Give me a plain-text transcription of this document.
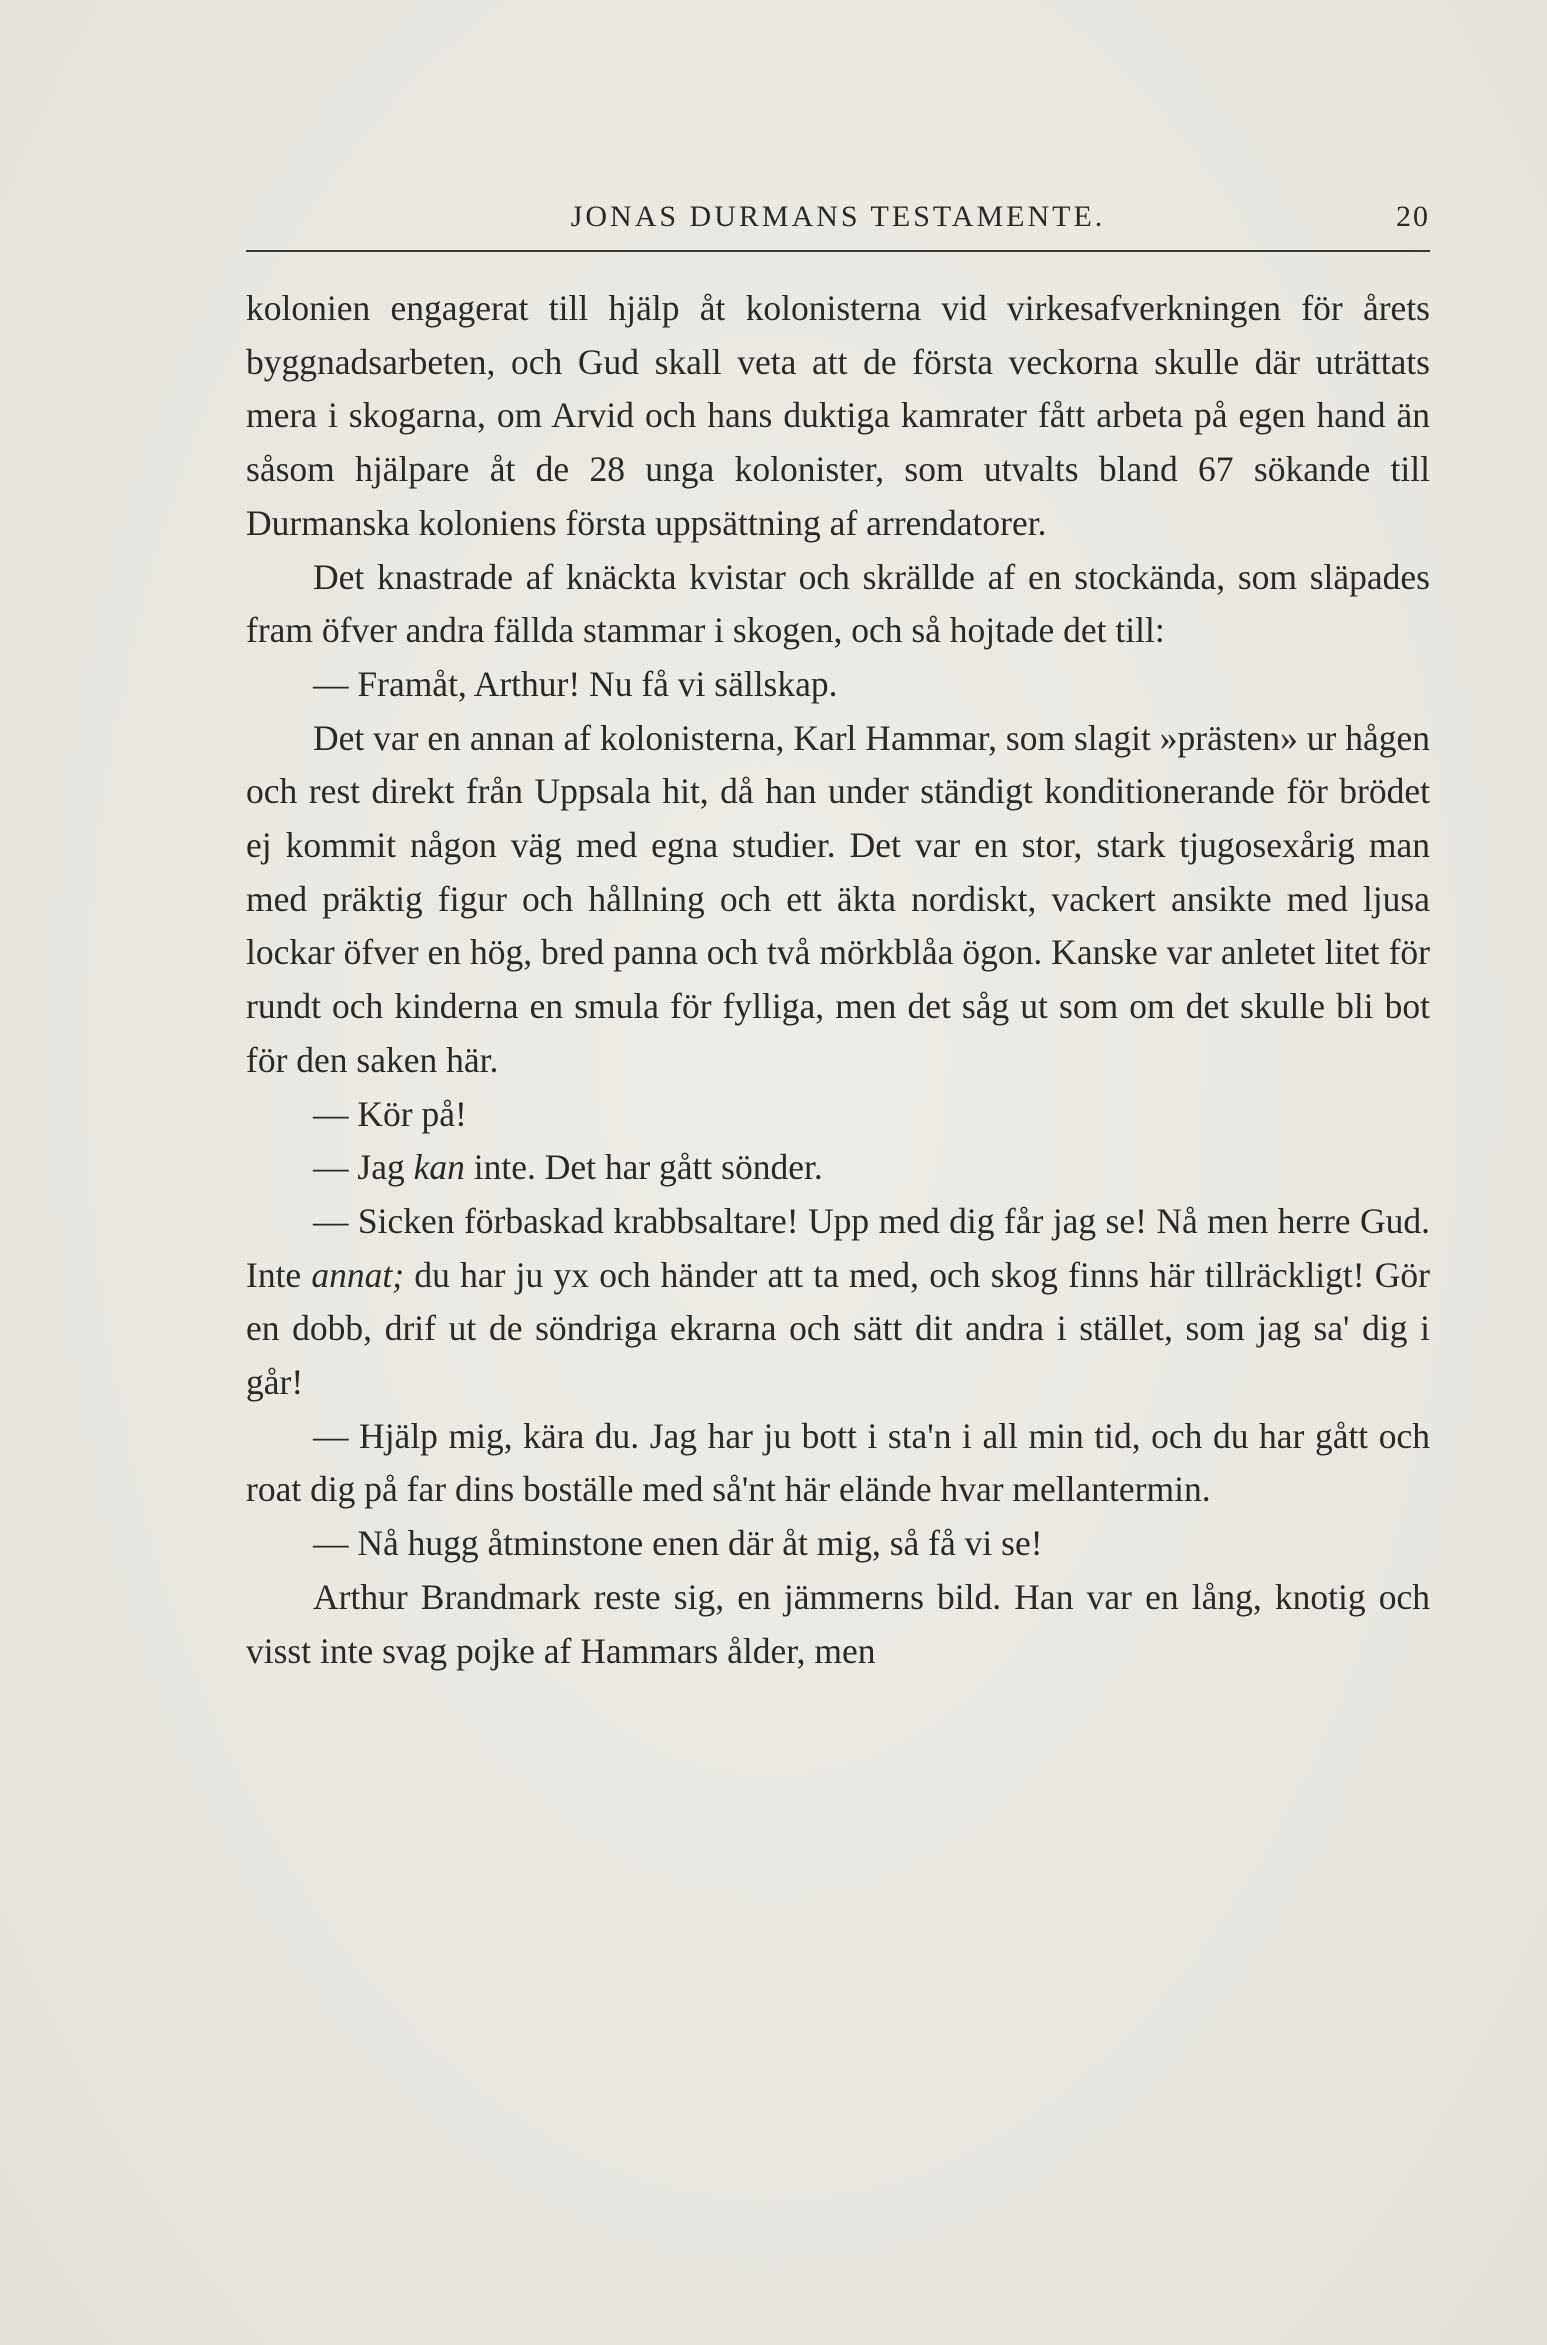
JONAS DURMANS TESTAMENTE.	20

kolonien engagerat till hjälp åt kolonisterna vid virkesafverkningen för årets byggnadsarbeten, och Gud skall veta att de första veckorna skulle där uträttats mera i skogarna, om Arvid och hans duktiga kamrater fått arbeta på egen hand än såsom hjälpare åt de 28 unga kolonister, som utvalts bland 67 sökande till Durmanska koloniens första uppsättning af arrendatorer.

Det knastrade af knäckta kvistar och skrällde af en stockända, som släpades fram öfver andra fällda stammar i skogen, och så hojtade det till:

— Framåt, Arthur! Nu få vi sällskap.

Det var en annan af kolonisterna, Karl Hammar, som slagit »prästen» ur hågen och rest direkt från Uppsala hit, då han under ständigt konditionerande för brödet ej kommit någon väg med egna studier. Det var en stor, stark tjugosexårig man med präktig figur och hållning och ett äkta nordiskt, vackert ansikte med ljusa lockar öfver en hög, bred panna och två mörkblåa ögon. Kanske var anletet litet för rundt och kinderna en smula för fylliga, men det såg ut som om det skulle bli bot för den saken här.

— Kör på!

— Jag kan inte. Det har gått sönder.

— Sicken förbaskad krabbsaltare! Upp med dig får jag se! Nå men herre Gud. Inte annat; du har ju yx och händer att ta med, och skog finns här tillräckligt! Gör en dobb, drif ut de söndriga ekrarna och sätt dit andra i stället, som jag sa' dig i går!

— Hjälp mig, kära du. Jag har ju bott i sta'n i all min tid, och du har gått och roat dig på far dins boställe med så'nt här elände hvar mellantermin.

— Nå hugg åtminstone enen där åt mig, så få vi se!

Arthur Brandmark reste sig, en jämmerns bild. Han var en lång, knotig och visst inte svag pojke af Hammars ålder, men
